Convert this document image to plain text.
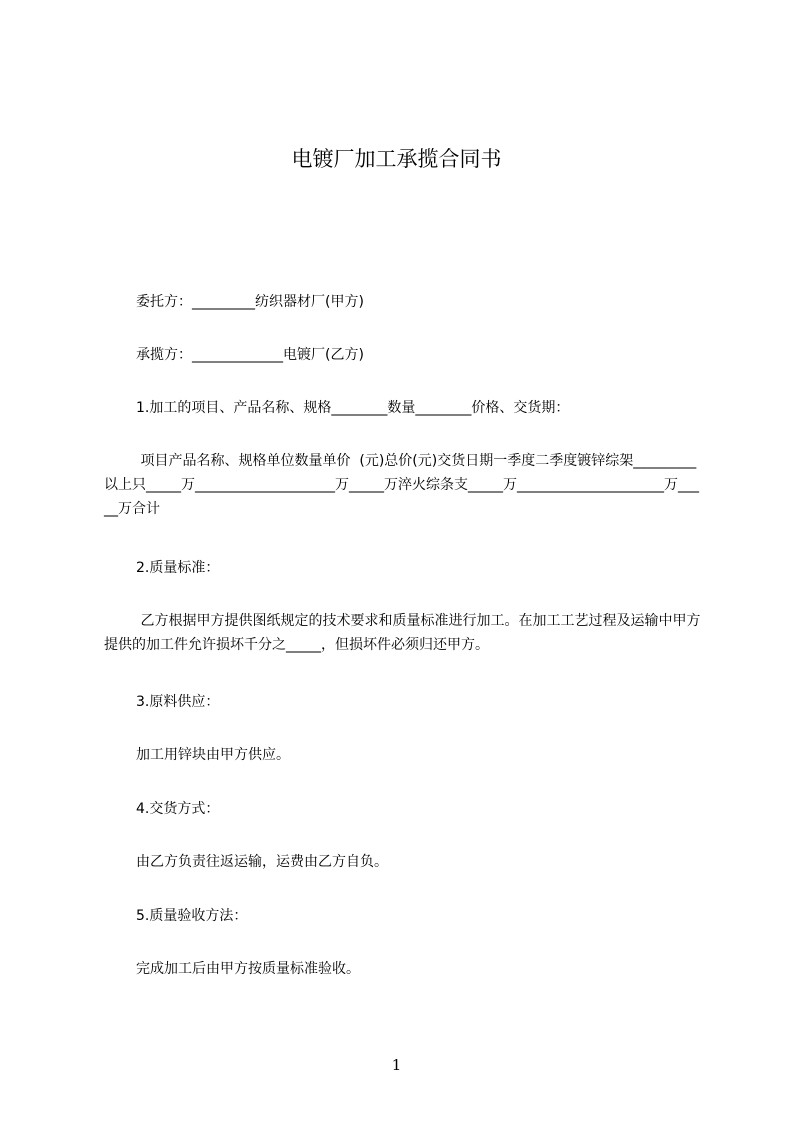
电镀厂加工承揽合同书
委托方：_________纺织器材厂(甲方)
承揽方：_____________电镀厂(乙方)
1.加工的项目、产品名称、规格________数量________价格、交货期：
项目产品名称、规格单位数量单价  (元)总价(元)交货日期一季度二季度镀锌综架_________以上只_____万____________________万_____万淬火综条支_____万_____________________万_____万合计
2.质量标准：
乙方根据甲方提供图纸规定的技术要求和质量标准进行加工。在加工工艺过程及运输中甲方提供的加工件允许损坏千分之_____，但损坏件必须归还甲方。
3.原料供应：
加工用锌块由甲方供应。
4.交货方式：
由乙方负责往返运输，运费由乙方自负。
5.质量验收方法：
完成加工后由甲方按质量标准验收。
1
